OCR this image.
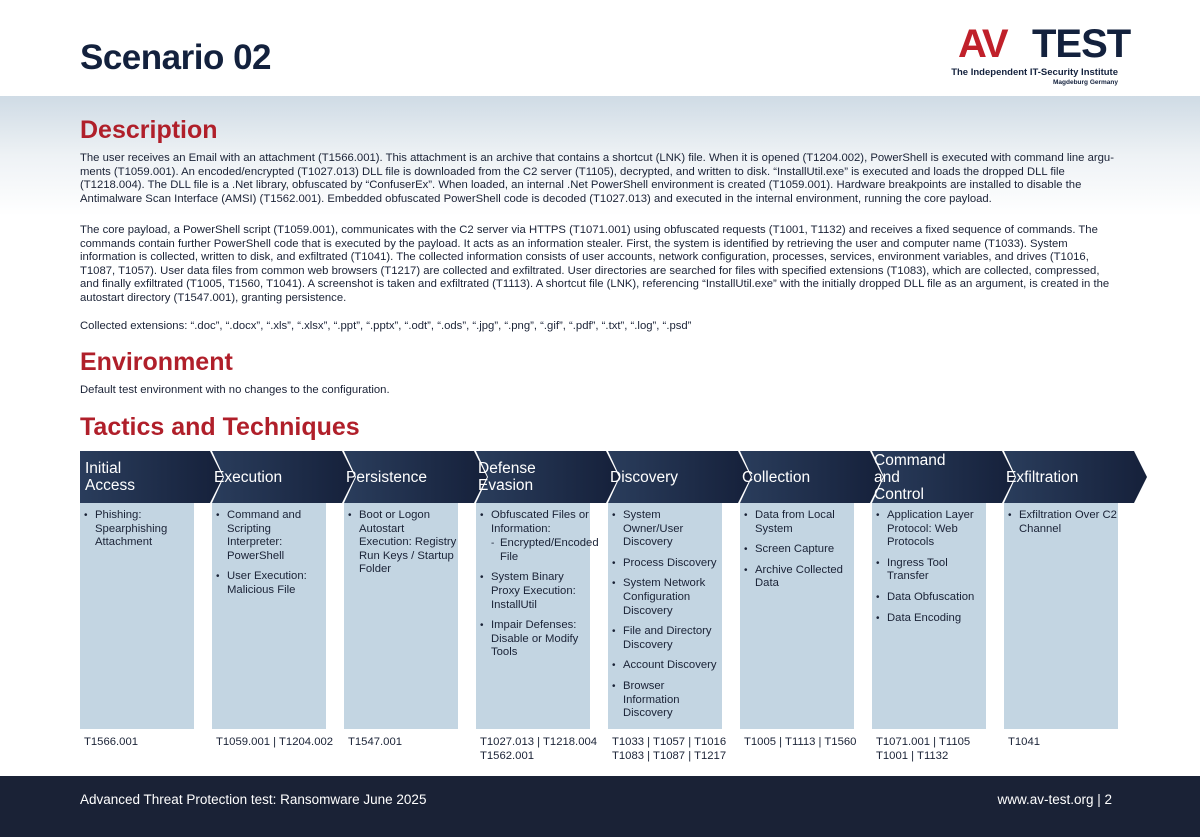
Scenario 02	AV TEST
The Independent IT-Security Institute
Magdeburg Germany
Description

The user receives an Email with an attachment (T1566.001). This attachment is an archive that contains a shortcut (LNK) file. When it is opened (T1204.002), PowerShell is executed with command line argu-ments (T1059.001). An encoded/encrypted (T1027.013) DLL file is downloaded from the C2 server (T1105), decrypted, and written to disk. “InstallUtil.exe” is executed and loads the dropped DLL file (T1218.004). The DLL file is a .Net library, obfuscated by “ConfuserEx”. When loaded, an internal .Net PowerShell environment is created (T1059.001). Hardware breakpoints are installed to disable the Antimalware Scan Interface (AMSI) (T1562.001). Embedded obfuscated PowerShell code is decoded (T1027.013) and executed in the internal environment, running the core payload.

The core payload, a PowerShell script (T1059.001), communicates with the C2 server via HTTPS (T1071.001) using obfuscated requests (T1001, T1132) and receives a fixed sequence of commands. The commands contain further PowerShell code that is executed by the payload. It acts as an information stealer. First, the system is identified by retrieving the user and computer name (T1033). System information is collected, written to disk, and exfiltrated (T1041). The collected information consists of user accounts, network configuration, processes, services, environment variables, and drives (T1016, T1087, T1057). User data files from common web browsers (T1217) are collected and exfiltrated. User directories are searched for files with specified extensions (T1083), which are collected, compressed, and finally exfiltrated (T1005, T1560, T1041). A screenshot is taken and exfiltrated (T1113). A shortcut file (LNK), referencing “InstallUtil.exe” with the initially dropped DLL file as an argument, is created in the autostart directory (T1547.001), granting persistence.

Collected extensions: “.doc”, “.docx”, “.xls”, “.xlsx”, “.ppt”, “.pptx”, “.odt”, “.ods”, “.jpg”, “.png”, “.gif”, “.pdf”, “.txt”, “.log”, “.psd”

Environment

Default test environment with no changes to the configuration.

Tactics and Techniques
Initial
Access
• Phishing: Spearphishing Attachment
T1566.001
Execution
• Command and Scripting Interpreter: PowerShell
• User Execution: Malicious File
T1059.001 | T1204.002
Persistence
• Boot or Logon Autostart Execution: Registry Run Keys / Startup Folder
T1547.001
Defense
Evasion
• Obfuscated Files or Information:
- Encrypted/Encoded File
• System Binary Proxy Execution: InstallUtil
• Impair Defenses: Disable or Modify Tools
T1027.013 | T1218.004
T1562.001
Discovery
• System Owner/User Discovery
• Process Discovery
• System Network Configuration Discovery
• File and Directory Discovery
• Account Discovery
• Browser Information Discovery
T1033 | T1057 | T1016
T1083 | T1087 | T1217
Collection
• Data from Local System
• Screen Capture
• Archive Collected Data
T1005 | T1113 | T1560
Command and
Control
• Application Layer Protocol: Web Protocols
• Ingress Tool Transfer
• Data Obfuscation
• Data Encoding
T1071.001 | T1105
T1001 | T1132
Exfiltration
• Exfiltration Over C2 Channel
T1041
Advanced Threat Protection test: Ransomware June 2025	www.av-test.org | 2
